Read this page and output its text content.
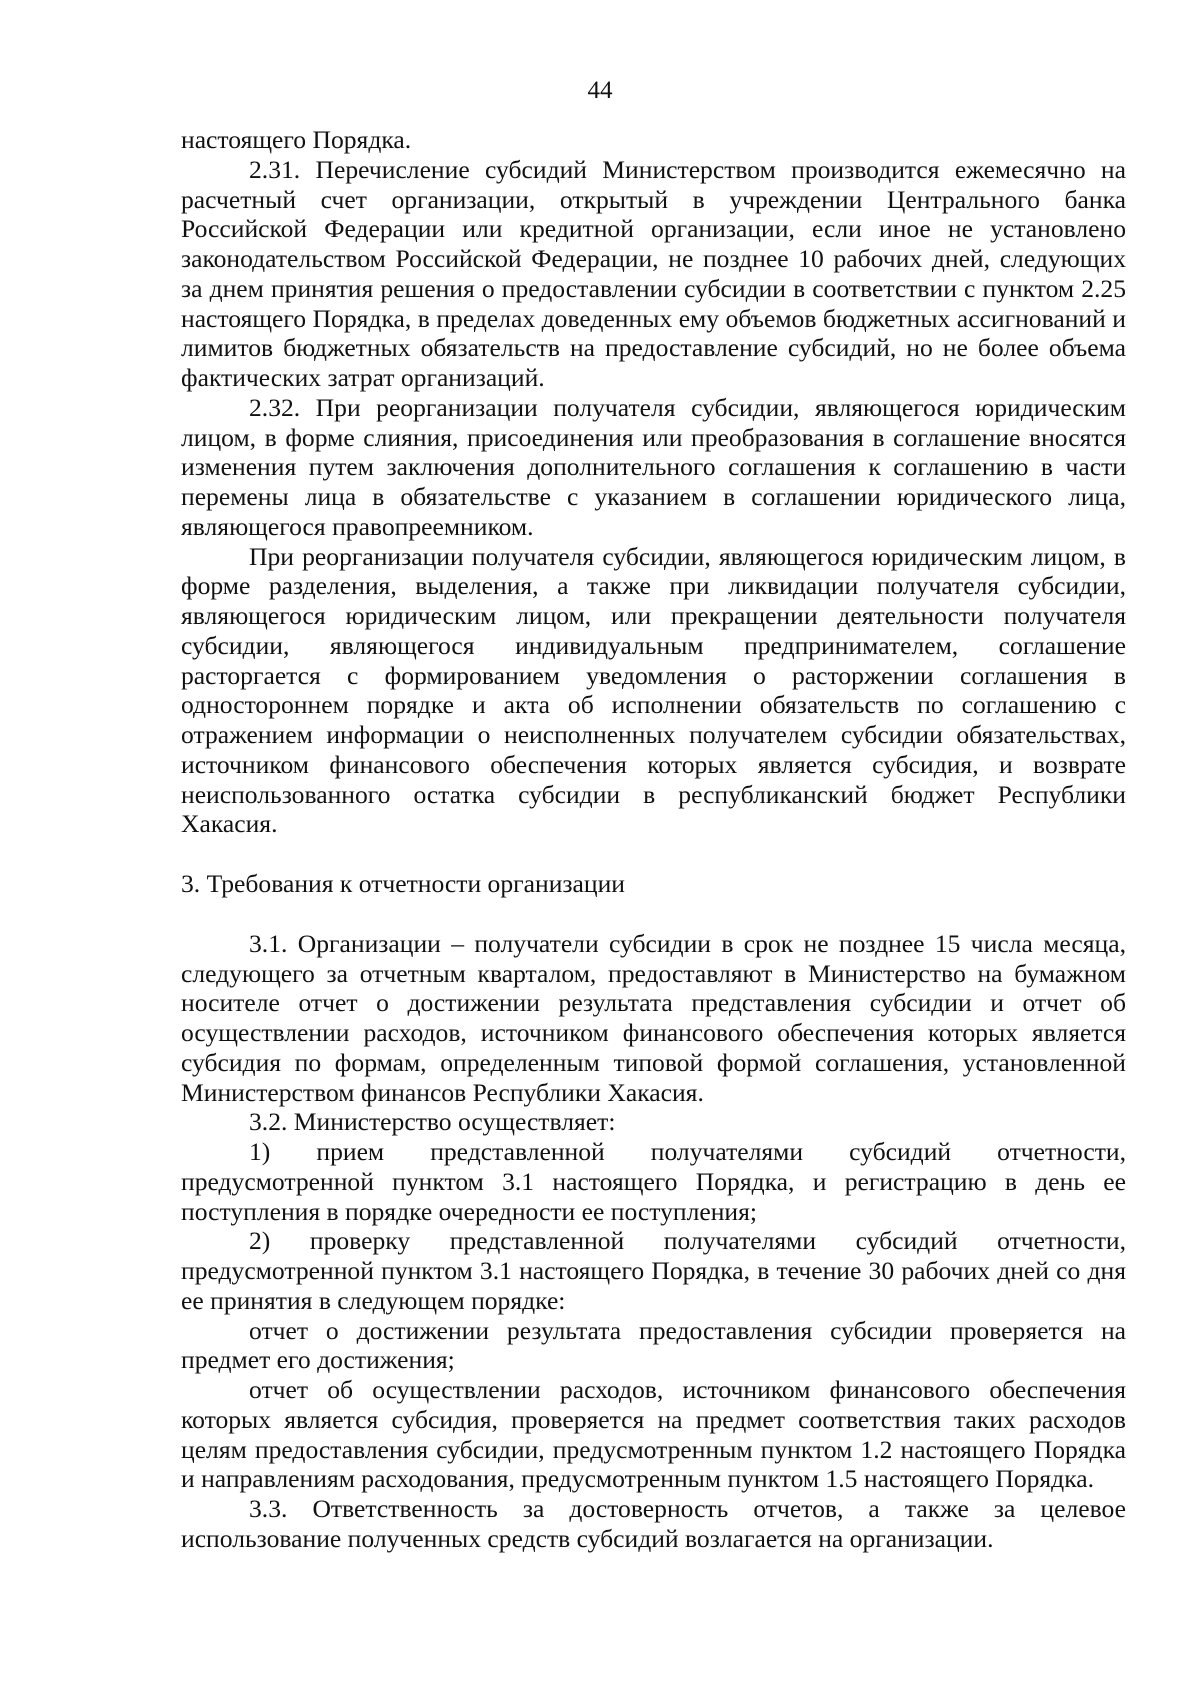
44

настоящего Порядка.

2.31. Перечисление субсидий Министерством производится ежемесячно на расчетный счет организации, открытый в учреждении Центрального банка Российской Федерации или кредитной организации, если иное не установлено законодательством Российской Федерации, не позднее 10 рабочих дней, следующих за днем принятия решения о предоставлении субсидии в соответствии с пунктом 2.25 настоящего Порядка, в пределах доведенных ему объемов бюджетных ассигнований и лимитов бюджетных обязательств на предоставление субсидий, но не более объема фактических затрат организаций.

2.32. При реорганизации получателя субсидии, являющегося юридическим лицом, в форме слияния, присоединения или преобразования в соглашение вносятся изменения путем заключения дополнительного соглашения к соглашению в части перемены лица в обязательстве с указанием в соглашении юридического лица, являющегося правопреемником.

При реорганизации получателя субсидии, являющегося юридическим лицом, в форме разделения, выделения, а также при ликвидации получателя субсидии, являющегося юридическим лицом, или прекращении деятельности получателя субсидии, являющегося индивидуальным предпринимателем, соглашение расторгается с формированием уведомления о расторжении соглашения в одностороннем порядке и акта об исполнении обязательств по соглашению с отражением информации о неисполненных получателем субсидии обязательствах, источником финансового обеспечения которых является субсидия, и возврате неиспользованного остатка субсидии в республиканский бюджет Республики Хакасия.

3. Требования к отчетности организации

3.1. Организации – получатели субсидии в срок не позднее 15 числа месяца, следующего за отчетным кварталом, предоставляют в Министерство на бумажном носителе отчет о достижении результата представления субсидии и отчет об осуществлении расходов, источником финансового обеспечения которых является субсидия по формам, определенным типовой формой соглашения, установленной Министерством финансов Республики Хакасия.

3.2. Министерство осуществляет:

1) прием представленной получателями субсидий отчетности, предусмотренной пунктом 3.1 настоящего Порядка, и регистрацию в день ее поступления в порядке очередности ее поступления;

2) проверку представленной получателями субсидий отчетности, предусмотренной пунктом 3.1 настоящего Порядка, в течение 30 рабочих дней со дня ее принятия в следующем порядке:

отчет о достижении результата предоставления субсидии проверяется на предмет его достижения;

отчет об осуществлении расходов, источником финансового обеспечения которых является субсидия, проверяется на предмет соответствия таких расходов целям предоставления субсидии, предусмотренным пунктом 1.2 настоящего Порядка и направлениям расходования, предусмотренным пунктом 1.5 настоящего Порядка.

3.3. Ответственность за достоверность отчетов, а также за целевое использование полученных средств субсидий возлагается на организации.
